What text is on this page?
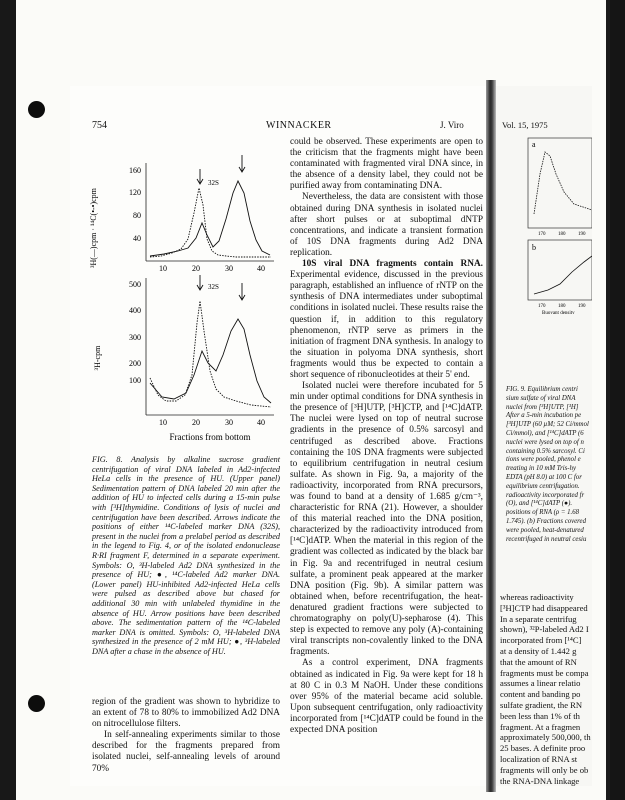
754	WINNACKER	J. Viro
³H(—)cpm · ¹⁴C(•-•)cpm
160
120
80
40
10	20	30	40
32S
³H-cpm
500
400
300
200
100
10	20	30	40
32S
Fractions from bottom

FIG. 8. Analysis by alkaline sucrose gradient centrifugation of viral DNA labeled in Ad2-infected HeLa cells in the presence of HU. (Upper panel) Sedimentation pattern of DNA labeled 20 min after the addition of HU to infected cells during a 15-min pulse with [³H]thymidine. Conditions of lysis of nuclei and centrifugation have been described. Arrows indicate the positions of either ¹⁴C-labeled marker DNA (32S), present in the nuclei from a prelabel period as described in the legend to Fig. 4, or of the isolated endonuclease R·RI fragment F, determined in a separate experiment. Symbols: O, ³H-labeled Ad2 DNA synthesized in the presence of HU; ●, ¹⁴C-labeled Ad2 marker DNA. (Lower panel) HU-inhibited Ad2-infected HeLa cells were pulsed as described above but chased for additional 30 min with unlabeled thymidine in the absence of HU. Arrow positions have been described above. The sedimentation pattern of the ¹⁴C-labeled marker DNA is omitted. Symbols: O, ³H-labeled DNA synthesized in the presence of 2 mM HU; ●, ³H-labeled DNA after a chase in the absence of HU.

region of the gradient was shown to hybridize to an extent of 78 to 80% to immobilized Ad2 DNA on nitrocellulose filters.

In self-annealing experiments similar to those described for the fragments prepared from isolated nuclei, self-annealing levels of around 70%

could be observed. These experiments are open to the criticism that the fragments might have been contaminated with fragmented viral DNA since, in the absence of a density label, they could not be purified away from contaminating DNA.

Nevertheless, the data are consistent with those obtained during DNA synthesis in isolated nuclei after short pulses or at suboptimal dNTP concentrations, and indicate a transient formation of 10S DNA fragments during Ad2 DNA replication.

10S viral DNA fragments contain RNA. Experimental evidence, discussed in the previous paragraph, established an influence of rNTP on the synthesis of DNA intermediates under suboptimal conditions in isolated nuclei. These results raise the question if, in addition to this regulatory phenomenon, rNTP serve as primers in the initiation of fragment DNA synthesis. In analogy to the situation in polyoma DNA synthesis, short fragments would thus be expected to contain a short sequence of ribonucleotides at their 5' end.

Isolated nuclei were therefore incubated for 5 min under optimal conditions for DNA synthesis in the presence of [³H]UTP, [³H]CTP, and [¹⁴C]dATP. The nuclei were lysed on top of neutral sucrose gradients in the presence of 0.5% sarcosyl and centrifuged as described above. Fractions containing the 10S DNA fragments were subjected to equilibrium centrifugation in neutral cesium sulfate. As shown in Fig. 9a, a majority of the radioactivity, incorporated from RNA precursors, was found to band at a density of 1.685 g/cm⁻³, characteristic for RNA (21). However, a shoulder of this material reached into the DNA position, characterized by the radioactivity introduced from [¹⁴C]dATP. When the material in this region of the gradient was collected as indicated by the black bar in Fig. 9a and recentrifuged in neutral cesium sulfate, a prominent peak appeared at the marker DNA position (Fig. 9b). A similar pattern was obtained when, before recentrifugation, the heat-denatured gradient fractions were subjected to chromatography on poly(U)-sepharose (4). This step is expected to remove any poly (A)-containing viral transcripts non-covalently linked to the DNA fragments.

As a control experiment, DNA fragments obtained as indicated in Fig. 9a were kept for 18 h at 80 C in 0.3 M NaOH. Under these conditions over 95% of the material became acid soluble. Upon subsequent centrifugation, only radioactivity incorporated from [¹⁴C]dATP could be found in the expected DNA position

Vol. 15, 1975
a
170	180	190
b
170	180	190
Buoyant density
FIG. 9. Equilibrium centri
sium sulfate of viral DNA
nuclei from [³H]UTP, [³H]
After a 5-min incubation pe
[³H]UTP (60 µM; 52 Ci/mmol
Ci/mmol), and [¹⁴C]dATP (6
nuclei were lysed on top of n
containing 0.5% sarcosyl. Ci
tions were pooled, phenol e
treating in 10 mM Tris-hy
EDTA (pH 8.0) at 100 C for
equilibrium centrifugation.
radioactivity incorporated fr
(O), and [¹⁴C]dATP (●).
positions of RNA (ρ = 1.68
1.745). (b) Fractions covered
were pooled, heat-denatured
recentrifuged in neutral cesiu
whereas radioactivity
[³H]CTP had disappeared
In a separate centrifug
shown), ³²P-labeled Ad2 I
incorporated from [¹⁴C]
at a density of 1.442 g
that the amount of RN
fragments must be compa
assumes a linear relatio
content and banding po
sulfate gradient, the RN
been less than 1% of th
fragment. At a fragmen
approximately 500,000, th
25 bases. A definite proo
localization of RNA st
fragments will only be ob
the RNA-DNA linkage
